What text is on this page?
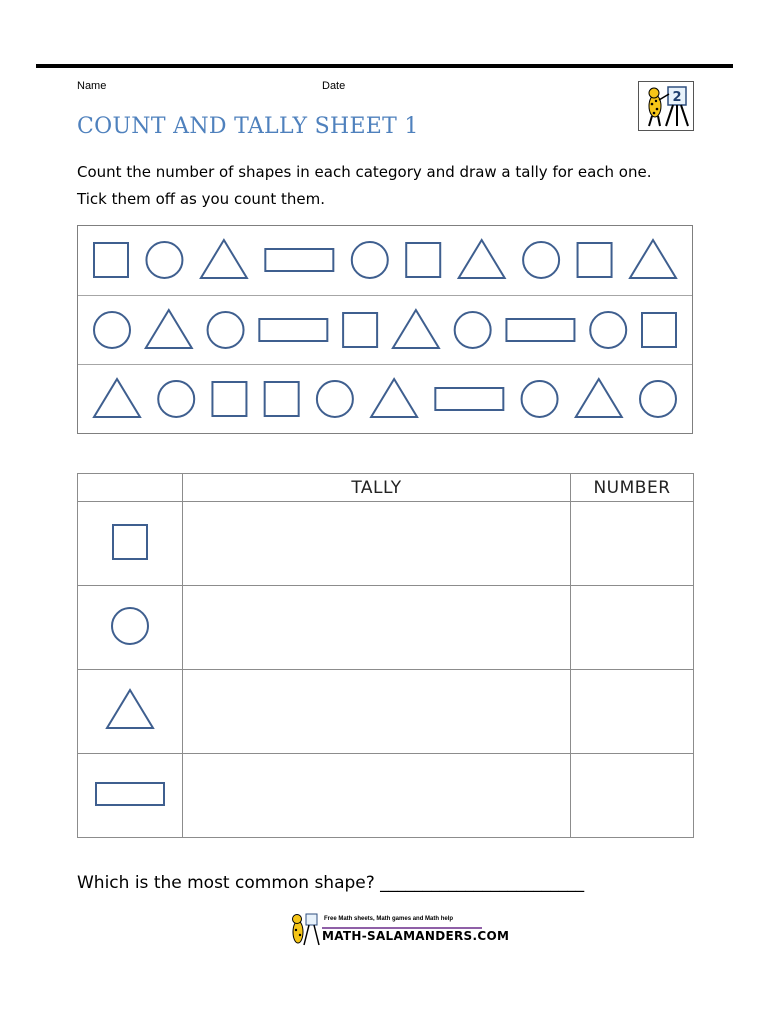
Name	Date
2
COUNT AND TALLY SHEET 1
Count the number of shapes in each category and draw a tally for each one.
Tick them off as you count them.
	TALLY	NUMBER

Which is the most common shape? ________________________
Free Math sheets, Math games and Math help
MATH-SALAMANDERS.COM
